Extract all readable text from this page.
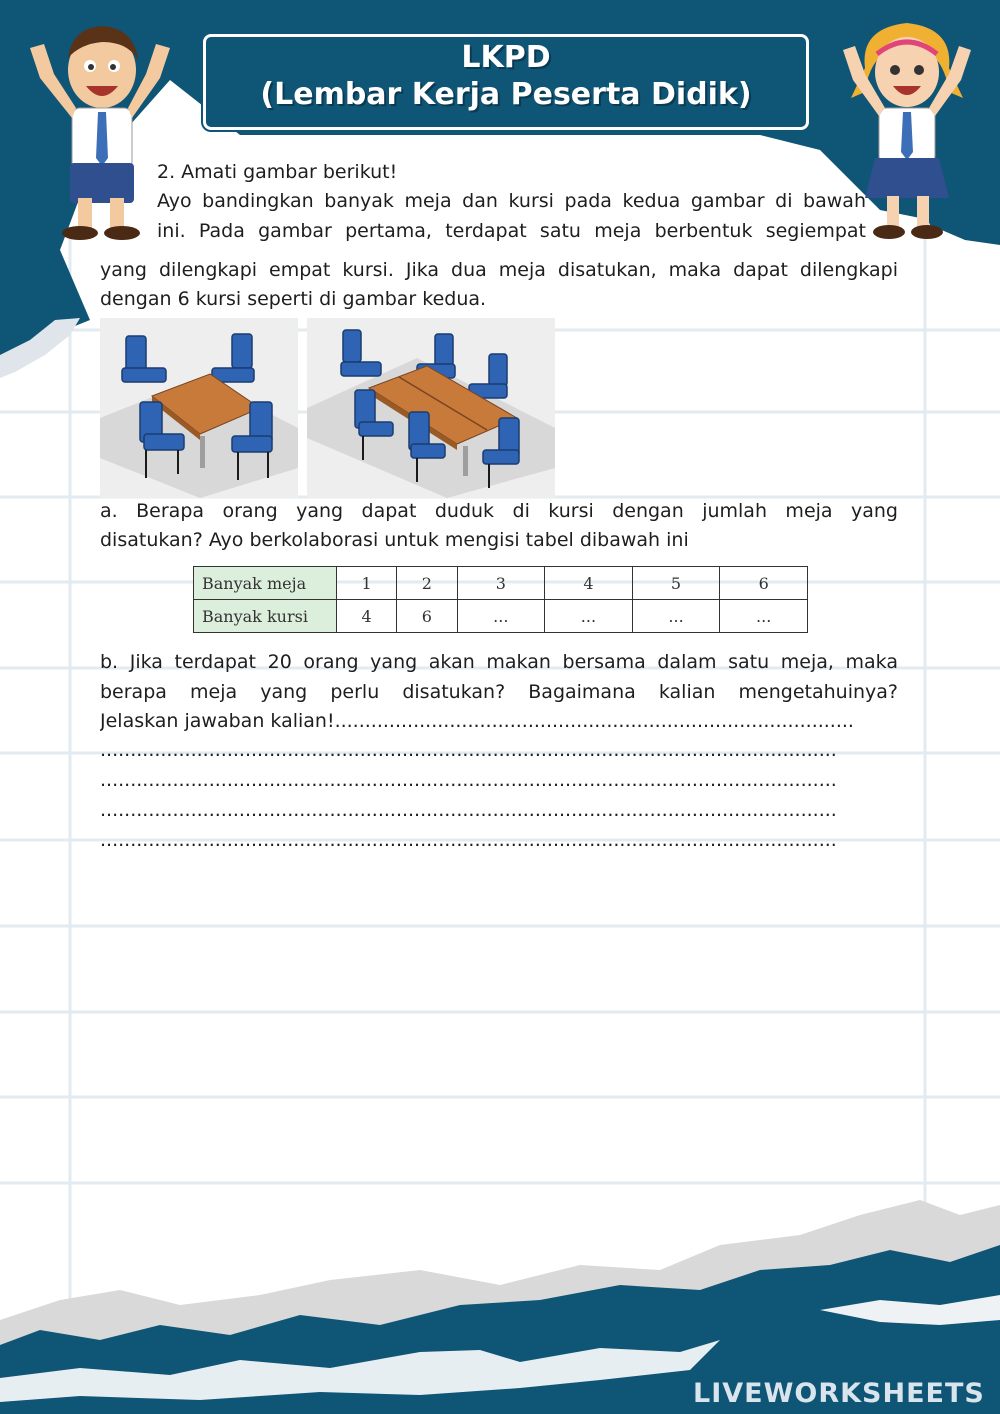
LKPD
(Lembar Kerja Peserta Didik)
2. Amati gambar berikut!
Ayo bandingkan banyak meja dan kursi pada kedua gambar di bawah
ini. Pada gambar pertama, terdapat satu meja berbentuk segiempat
yang dilengkapi empat kursi. Jika dua meja disatukan, maka dapat dilengkapi
dengan 6 kursi seperti di gambar kedua.
a. Berapa orang yang dapat duduk di kursi dengan jumlah meja yang
disatukan? Ayo berkolaborasi untuk mengisi tabel dibawah ini
Banyak meja	1	2	3	4	5	6
Banyak kursi	4	6	...	...	...	...
b. Jika terdapat 20 orang yang akan makan bersama dalam satu meja, maka
berapa meja yang perlu disatukan? Bagaimana kalian mengetahuinya?
Jelaskan jawaban kalian!......................................................................................
..........................................................................................................................
..........................................................................................................................
..........................................................................................................................
..........................................................................................................................
LIVEWORKSHEETS
